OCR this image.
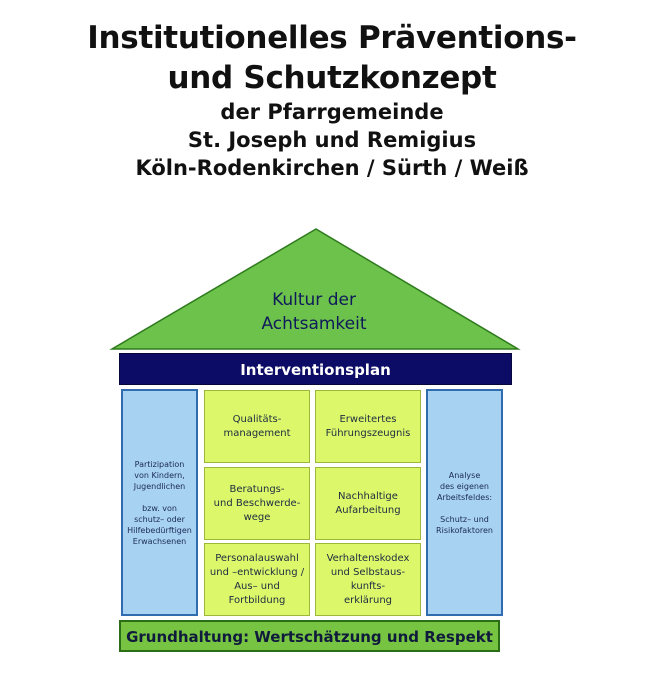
Institutionelles Präventions-

und Schutzkonzept

der Pfarrgemeinde

St. Joseph und Remigius

Köln-Rodenkirchen / Sürth / Weiß

Kultur der
Achtsamkeit
Interventionsplan

Partizipation
von Kindern,
Jugendlichen

bzw. von
schutz– oder
Hilfebedürftigen
Erwachsenen

Analyse
des eigenen
Arbeitsfeldes:

Schutz– und
Risikofaktoren

Qualitäts-
management
Erweitertes
Führungszeugnis
Beratungs-
und Beschwerde-
wege
Nachhaltige
Aufarbeitung
Personalauswahl
und –entwicklung /
Aus– und
Fortbildung
Verhaltenskodex
und Selbstaus-
kunfts-
erklärung
Grundhaltung: Wertschätzung und Respekt
